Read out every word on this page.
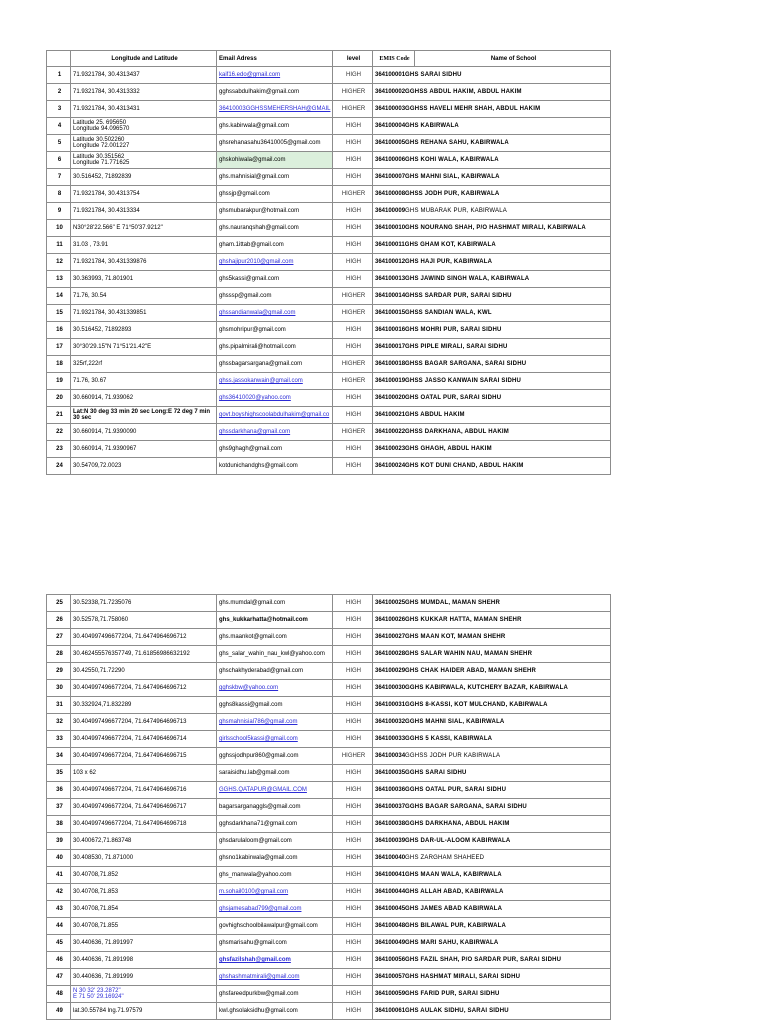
	Longitude and Latitude	Email Adress	level	EMIS Code	Name of School
1	71.9321784, 30.4313437	kaif16.edo@gmail.com	HIGH	364100001GHS SARAI SIDHU	
2	71.9321784, 30.4313332	gghssabdulhakim@gmail.com	HIGHER	364100002GGHSS ABDUL HAKIM, ABDUL HAKIM	
3	71.9321784, 30.4313431	36410003GGHSSMEHERSHAH@GMAIL	HIGHER	364100003GGHSS HAVELI MEHR SHAH, ABDUL HAKIM	
4	Latitude 25. 695650
Longitude 94.096570	ghs.kabirwala@gmail.com	HIGH	364100004GHS KABIRWALA	
5	Latitude 30.502260
Longitude 72.001227	ghsrehanasahu36410005@gmail.com	HIGH	364100005GHS REHANA SAHU, KABIRWALA	
6	Latitude 30.351562
Longitude 71.771625	ghskohiwala@gmail.com	HIGH	364100006GHS KOHI WALA, KABIRWALA	
7	30.516452, 71892839	ghs.mahnisial@gmail.com	HIGH	364100007GHS MAHNI SIAL, KABIRWALA	
8	71.9321784, 30.4313754	ghssjp@gmail.com	HIGHER	364100008GHSS JODH PUR, KABIRWALA	
9	71.9321784, 30.4313334	ghsmubarakpur@hotmail.com	HIGH	364100009GHS MUBARAK PUR, KABIRWALA	
10	N30°28'22.566" E 71°50'37.9212"	ghs.nauranqshah@gmail.com	HIGH	364100010GHS NOURANG SHAH, P/O HASHMAT MIRALI, KABIRWALA	
11	31.03 , 73.91	gham.1ittab@gmail.com	HIGH	364100011GHS GHAM KOT, KABIRWALA	
12	71.9321784, 30.431339876	ghshajipur2010@gmail.com	HIGH	364100012GHS HAJI PUR, KABIRWALA	
13	30.363993, 71.801901	ghs5kassi@gmail.com	HIGH	364100013GHS JAWIND SINGH WALA, KABIRWALA	
14	71.76, 30.54	ghsssp@gmail.com	HIGHER	364100014GHSS SARDAR PUR, SARAI SIDHU	
15	71.9321784, 30.431339851	ghssandianwala@gmail.com	HIGHER	364100015GHSS SANDIAN WALA, KWL	
16	30.516452, 71892893	ghsmohripur@gmail.com	HIGH	364100016GHS MOHRI PUR, SARAI SIDHU	
17	30°30'29.15"N 71°51'21.42"E	ghs.pipalmirali@hotmail.com	HIGH	364100017GHS PIPLE MIRALI, SARAI SIDHU	
18	325rf,222rf	ghssbagarsargana@gmail.com	HIGHER	364100018GHSS BAGAR SARGANA, SARAI SIDHU	
19	71.76, 30.67	ghss.jassokanwain@gmail.com	HIGHER	364100019GHSS JASSO KANWAIN SARAI SIDHU	
20	30.660914, 71.939062	ghs36410020@yahoo.com	HIGH	364100020GHS OATAL PUR, SARAI SIDHU	
21	Lat:N 30 deg 33 min 20 sec Long:E 72 deg 7 min
30 sec	govt.boyshighscoolabdulhakim@gmail.co	HIGH	364100021GHS ABDUL HAKIM	
22	30.660914, 71.9390090	ghssdarkhana@gmail.com	HIGHER	364100022GHSS DARKHANA, ABDUL HAKIM	
23	30.660914, 71.9390967	ghs9ghagh@gmail.com	HIGH	364100023GHS GHAGH, ABDUL HAKIM	
24	30.54709,72.0023	kotdunichandghs@gmail.com	HIGH	364100024GHS KOT DUNI CHAND, ABDUL HAKIM	
25	30.52338,71.7235076	ghs.mumdal@gmail.com	HIGH	364100025GHS MUMDAL, MAMAN SHEHR
26	30.52578,71.758060	ghs_kukkarhatta@hotmail.com	HIGH	364100026GHS KUKKAR HATTA, MAMAN SHEHR
27	30.404997496677204, 71.6474964696712	ghs.maankot@gmail.com	HIGH	364100027GHS MAAN KOT, MAMAN SHEHR
28	30.462455576357749, 71.61856986632192	ghs_salar_wahin_nau_kwl@yahoo.com	HIGH	364100028GHS SALAR WAHIN NAU, MAMAN SHEHR
29	30.42550,71.72290	ghschakhyderabad@gmail.com	HIGH	364100029GHS CHAK HAIDER ABAD, MAMAN SHEHR
30	30.404997496677204, 71.6474964696712	gghskbw@yahoo.com	HIGH	364100030GGHS KABIRWALA, KUTCHERY BAZAR, KABIRWALA
31	30.332924,71.832289	gghs8kassi@gmail.com	HIGH	364100031GGHS 8-KASSI, KOT MULCHAND, KABIRWALA
32	30.404997496677204, 71.6474964696713	ghsmahnisial786@gmail.com	HIGH	364100032GGHS MAHNI SIAL, KABIRWALA
33	30.404997496677204, 71.6474964696714	girlsschool5kassi@gmail.com	HIGH	364100033GGHS 5 KASSI, KABIRWALA
34	30.404997496677204, 71.6474964696715	gghssjodhpur860@gmail.com	HIGHER	364100034GGHSS JODH PUR KABIRWALA
35	103 x 62	saraisidhu.lab@gmail.com	HIGH	364100035GGHS SARAI SIDHU
36	30.404997496677204, 71.6474964696716	GGHS.QATAPUR@GMAIL.COM	HIGH	364100036GGHS OATAL PUR, SARAI SIDHU
37	30.404997496677204, 71.6474964696717	bagarsarganaggls@gmail.com	HIGH	364100037GGHS BAGAR SARGANA, SARAI SIDHU
38	30.404997496677204, 71.6474964696718	gghsdarkhana71@gmail.com	HIGH	364100038GGHS DARKHANA, ABDUL HAKIM
39	30.400672,71.863748	ghsdarulaloom@gmail.com	HIGH	364100039GHS DAR-UL-ALOOM KABIRWALA
40	30.408530, 71.871000	ghsno1kabirwala@gmail.com	HIGH	364100040GHS ZARGHAM SHAHEED
41	30.40708,71.852	ghs_manwala@yahoo.com	HIGH	364100041GHS MAAN WALA, KABIRWALA
42	30.40708,71.853	m.sohail0100@gmail.com	HIGH	364100044GHS ALLAH ABAD, KABIRWALA
43	30.40708,71.854	ghsjamesabad799@gmail.com	HIGH	364100045GHS JAMES ABAD KABIRWALA
44	30.40708,71.855	govhighschoolbilawalpur@gmail.com	HIGH	364100048GHS BILAWAL PUR, KABIRWALA
45	30.440636, 71.891997	ghsmarisahu@gmail.com	HIGH	364100049GHS MARI SAHU, KABIRWALA
46	30.440636, 71.891998	ghsfazilshah@gmail.com	HIGH	364100056GHS FAZIL SHAH, P/O SARDAR PUR, SARAI SIDHU
47	30.440636, 71.891999	ghshashmatmirali@gmail.com	HIGH	364100057GHS HASHMAT MIRALI, SARAI SIDHU
48	N 30 32' 23.2872"
E 71 50' 29.16924"	ghsfareedpurkbw@gmail.com	HIGH	364100059GHS FARID PUR, SARAI SIDHU
49	lat.30.55784 lng.71.97579	kwl.ghsolaksidhu@gmail.com	HIGH	364100061GHS AULAK SIDHU, SARAI SIDHU
